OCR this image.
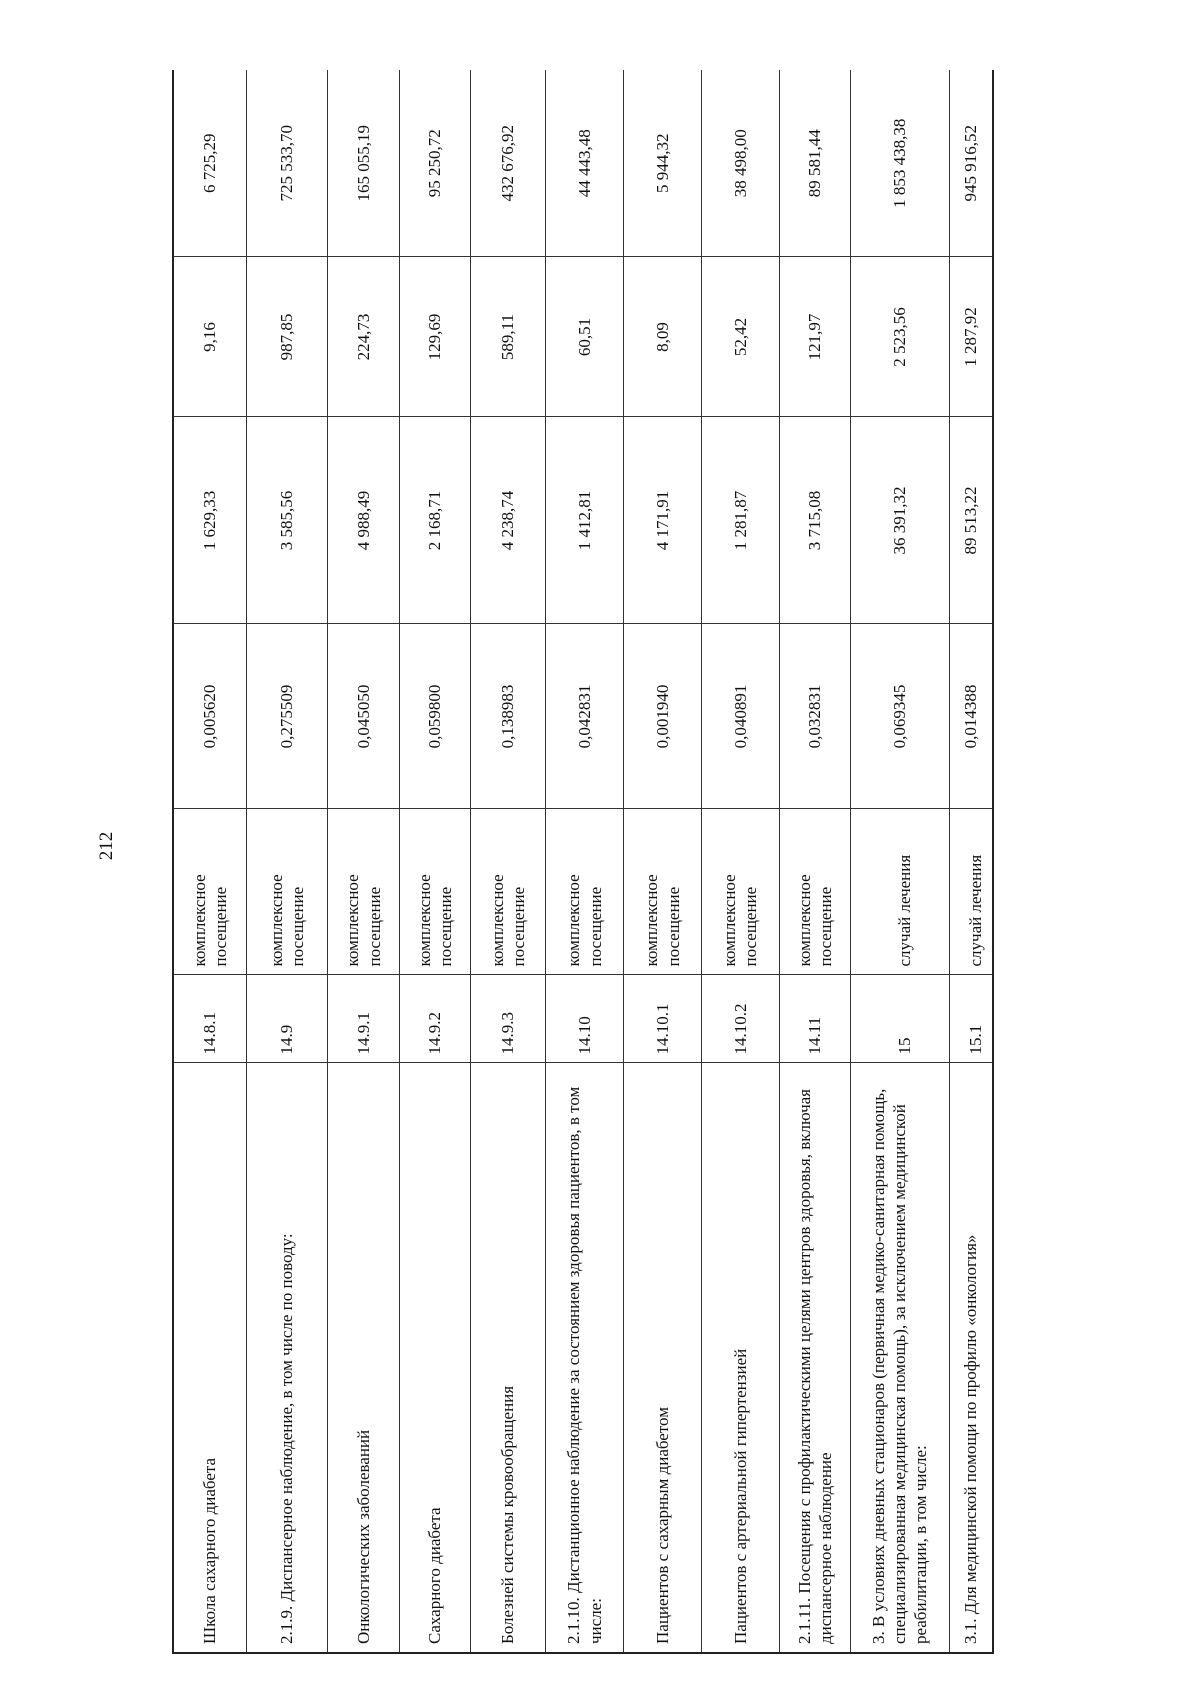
212
Школа сахарного диабета	14.8.1	комплексное посещение	0,005620	1 629,33	9,16	6 725,29
2.1.9. Диспансерное наблюдение, в том числе по поводу:	14.9	комплексное посещение	0,275509	3 585,56	987,85	725 533,70
Онкологических заболеваний	14.9.1	комплексное посещение	0,045050	4 988,49	224,73	165 055,19
Сахарного диабета	14.9.2	комплексное посещение	0,059800	2 168,71	129,69	95 250,72
Болезней системы кровообращения	14.9.3	комплексное посещение	0,138983	4 238,74	589,11	432 676,92
2.1.10. Дистанционное наблюдение за состоянием здоровья пациентов, в том числе:	14.10	комплексное посещение	0,042831	1 412,81	60,51	44 443,48
Пациентов с сахарным диабетом	14.10.1	комплексное посещение	0,001940	4 171,91	8,09	5 944,32
Пациентов с артериальной гипертензией	14.10.2	комплексное посещение	0,040891	1 281,87	52,42	38 498,00
2.1.11. Посещения с профилактическими целями центров здоровья, включая диспансерное наблюдение	14.11	комплексное посещение	0,032831	3 715,08	121,97	89 581,44
3. В условиях дневных стационаров (первичная медико-санитарная помощь, специализированная медицинская помощь), за исключением медицинской реабилитации, в том числе:	15	случай лечения	0,069345	36 391,32	2 523,56	1 853 438,38
3.1. Для медицинской помощи по профилю «онкология»	15.1	случай лечения	0,014388	89 513,22	1 287,92	945 916,52
